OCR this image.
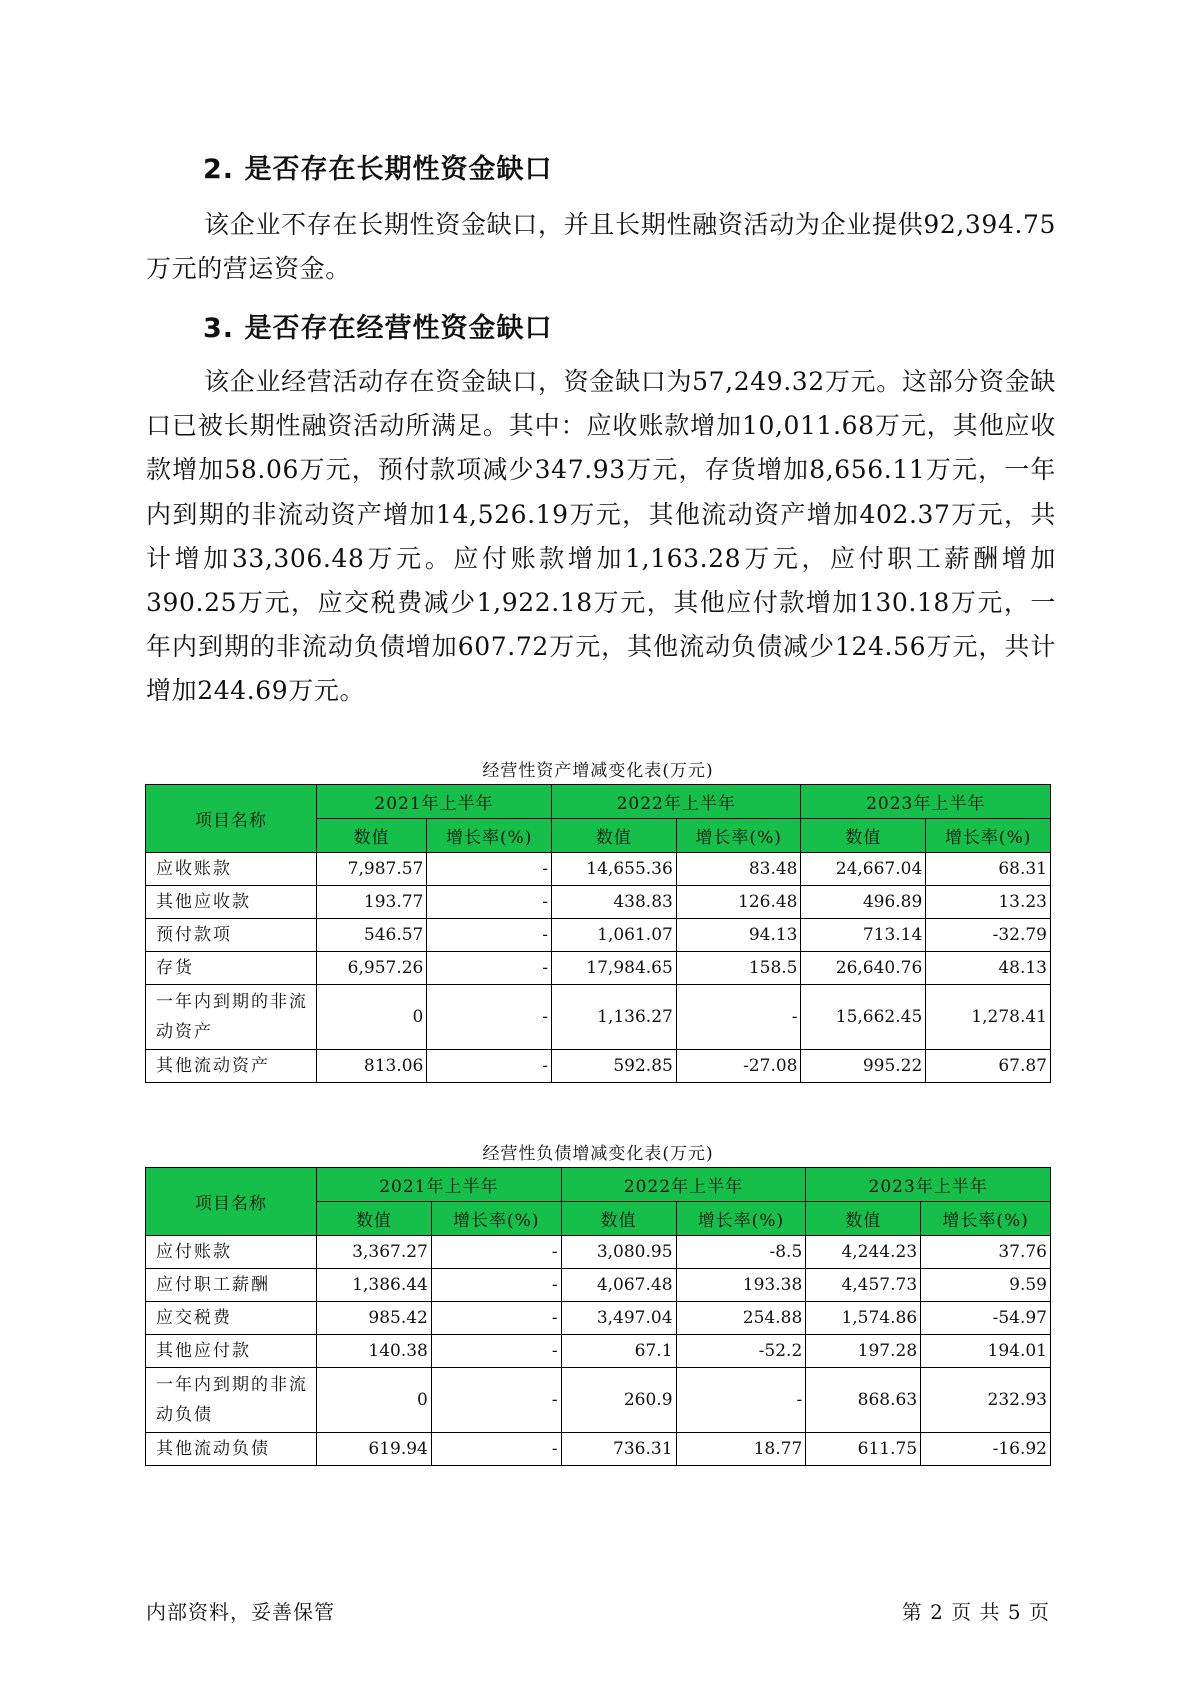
2. 是否存在长期性资金缺口

该企业不存在长期性资金缺口，并且长期性融资活动为企业提供92,394.75万元的营运资金。

3. 是否存在经营性资金缺口

该企业经营活动存在资金缺口，资金缺口为57,249.32万元。这部分资金缺口已被长期性融资活动所满足。其中：应收账款增加10,011.68万元，其他应收款增加58.06万元，预付款项减少347.93万元，存货增加8,656.11万元，一年内到期的非流动资产增加14,526.19万元，其他流动资产增加402.37万元，共计增加33,306.48万元。应付账款增加1,163.28万元，应付职工薪酬增加390.25万元，应交税费减少1,922.18万元，其他应付款增加130.18万元，一年内到期的非流动负债增加607.72万元，其他流动负债减少124.56万元，共计增加244.69万元。

经营性资产增减变化表(万元)
项目名称	2021年上半年		2022年上半年		2023年上半年	
	数值	增长率(%)	数值	增长率(%)	数值	增长率(%)
应收账款	7,987.57	-	14,655.36	83.48	24,667.04	68.31
其他应收款	193.77	-	438.83	126.48	496.89	13.23
预付款项	546.57	-	1,061.07	94.13	713.14	-32.79
存货	6,957.26	-	17,984.65	158.5	26,640.76	48.13
一年内到期的非流动资产	0	-	1,136.27	-	15,662.45	1,278.41
其他流动资产	813.06	-	592.85	-27.08	995.22	67.87
经营性负债增减变化表(万元)
项目名称	2021年上半年		2022年上半年		2023年上半年	
	数值	增长率(%)	数值	增长率(%)	数值	增长率(%)
应付账款	3,367.27	-	3,080.95	-8.5	4,244.23	37.76
应付职工薪酬	1,386.44	-	4,067.48	193.38	4,457.73	9.59
应交税费	985.42	-	3,497.04	254.88	1,574.86	-54.97
其他应付款	140.38	-	67.1	-52.2	197.28	194.01
一年内到期的非流动负债	0	-	260.9	-	868.63	232.93
其他流动负债	619.94	-	736.31	18.77	611.75	-16.92
内部资料，妥善保管	第 2 页 共 5 页
